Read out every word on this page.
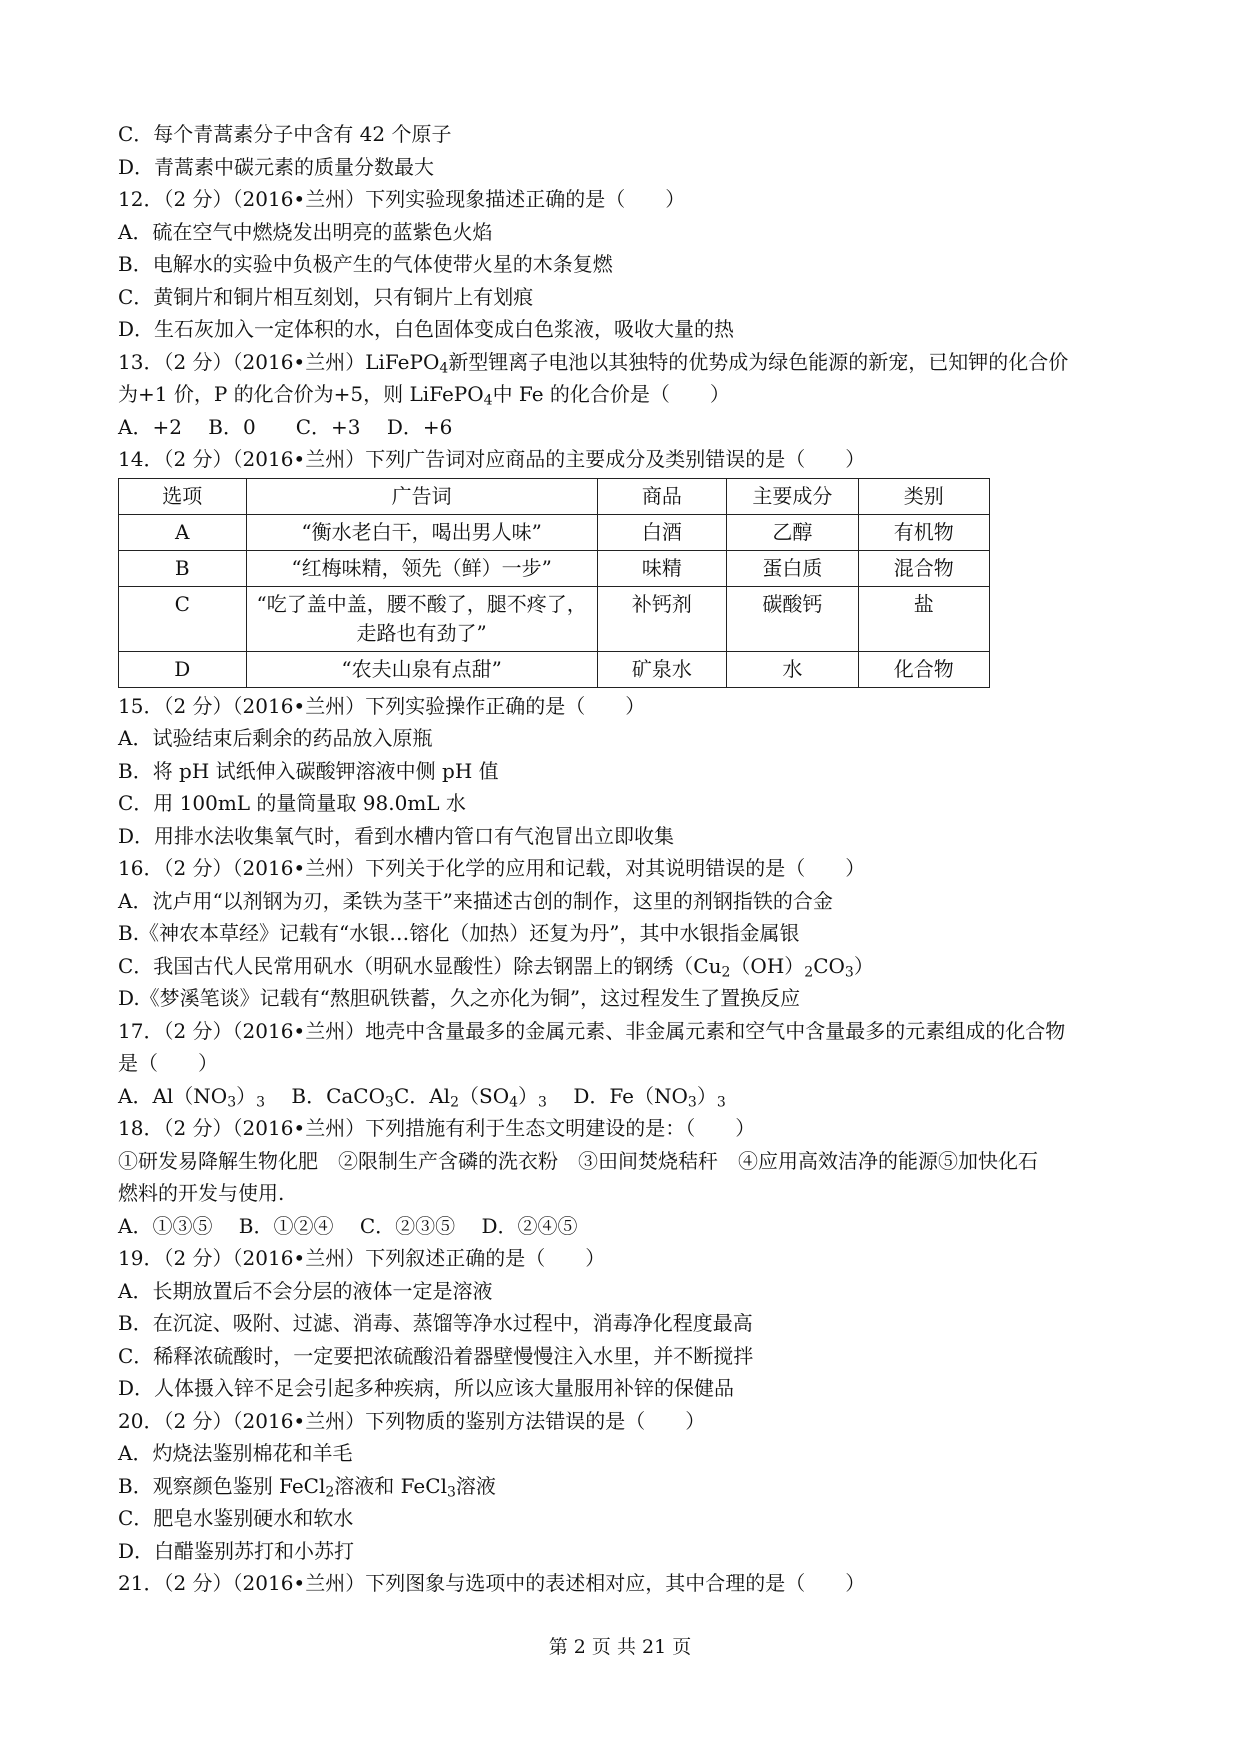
C．每个青蒿素分子中含有 42 个原子
D．青蒿素中碳元素的质量分数最大
12．（2 分）（2016•兰州）下列实验现象描述正确的是（　　）
A．硫在空气中燃烧发出明亮的蓝紫色火焰
B．电解水的实验中负极产生的气体使带火星的木条复燃
C．黄铜片和铜片相互刻划，只有铜片上有划痕
D．生石灰加入一定体积的水，白色固体变成白色浆液，吸收大量的热
13．（2 分）（2016•兰州）LiFePO$_4$新型锂离子电池以其独特的优势成为绿色能源的新宠，已知钾的化合价
为+1 价，P 的化合价为+5，则 LiFePO$_4$中 Fe 的化合价是（　　）
A．+2　 B．0　　C．+3　 D．+6
14．（2 分）（2016•兰州）下列广告词对应商品的主要成分及类别错误的是（　　）
选项	广告词	商品	主要成分	类别
A	“衡水老白干，喝出男人味”	白酒	乙醇	有机物
B	“红梅味精，领先（鲜）一步”	味精	蛋白质	混合物
C	“吃了盖中盖，腰不酸了，腿不疼了，走路也有劲了”	补钙剂	碳酸钙	盐
D	“农夫山泉有点甜”	矿泉水	水	化合物
15．（2 分）（2016•兰州）下列实验操作正确的是（　　）
A．试验结束后剩余的药品放入原瓶
B．将 pH 试纸伸入碳酸钾溶液中侧 pH 值
C．用 100mL 的量筒量取 98.0mL 水
D．用排水法收集氧气时，看到水槽内管口有气泡冒出立即收集
16．（2 分）（2016•兰州）下列关于化学的应用和记载，对其说明错误的是（　　）
A．沈卢用“以剂钢为刃，柔铁为茎干”来描述古创的制作，这里的剂钢指铁的合金
B.《神农本草经》记载有“水银…镕化（加热）还复为丹”，其中水银指金属银
C．我国古代人民常用矾水（明矾水显酸性）除去钢噐上的钢绣$(Cu_2(OH)_2CO_3)$
D.《梦溪笔谈》记载有“熬胆矾铁蓄，久之亦化为铜”，这过程发生了置换反应
17．（2 分）（2016•兰州）地壳中含量最多的金属元素、非金属元素和空气中含量最多的元素组成的化合物
是（　　）
A．$Al(NO_3)_3$　 B．CaCO$_3$C．$Al_2(SO_4)_3$　 D．$Fe(NO_3)_3$
18．（2 分）（2016•兰州）下列措施有利于生态文明建设的是：（　　）
①研发易降解生物化肥　②限制生产含磷的洗衣粉　③田间焚烧秸秆　④应用高效洁净的能源⑤加快化石
燃料的开发与使用.
A．①③⑤　 B．①②④　 C．②③⑤　 D．②④⑤
19．（2 分）（2016•兰州）下列叙述正确的是（　　）
A．长期放置后不会分层的液体一定是溶液
B．在沉淀、吸附、过滤、消毒、蒸馏等净水过程中，消毒净化程度最高
C．稀释浓硫酸时，一定要把浓硫酸沿着器壁慢慢注入水里，并不断搅拌
D．人体摄入锌不足会引起多种疾病，所以应该大量服用补锌的保健品
20．（2 分）（2016•兰州）下列物质的鉴别方法错误的是（　　）
A．灼烧法鉴别棉花和羊毛
B．观察颜色鉴别 FeCl$_2$溶液和 FeCl$_3$溶液
C．肥皂水鉴别硬水和软水
D．白醋鉴别苏打和小苏打
21．（2 分）（2016•兰州）下列图象与选项中的表述相对应，其中合理的是（　　）
第 2 页 共 21 页
